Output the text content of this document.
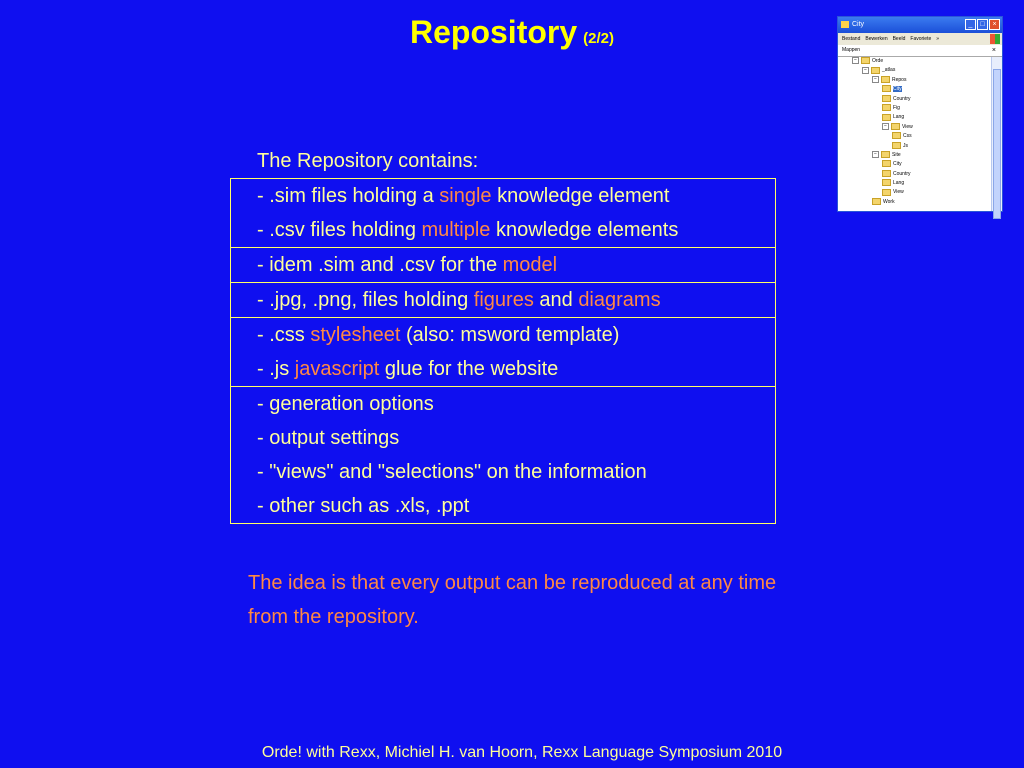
Repository (2/2)
The Repository contains:
- .sim files holding a single knowledge element
- .csv files holding multiple knowledge elements
- idem .sim and .csv for the model
- .jpg, .png, files holding figures and diagrams
- .css stylesheet (also: msword template)
- .js javascript glue for the website
- generation options
- output settings
- "views" and "selections" on the information
- other such as .xls, .ppt
The idea is that every output can be reproduced at any time from the repository.
Orde! with Rexx, Michiel H. van Hoorn, Rexx Language Symposium 2010
City	_	□	×
Bestand Bewerken Beeld Favoriete »
Mappen	×
−	Orde
−	_atlas
−	Repos
City
Country
Fig
Lang
−	View
Css
Js
−	Site
City
Country
Lang
View
Work
